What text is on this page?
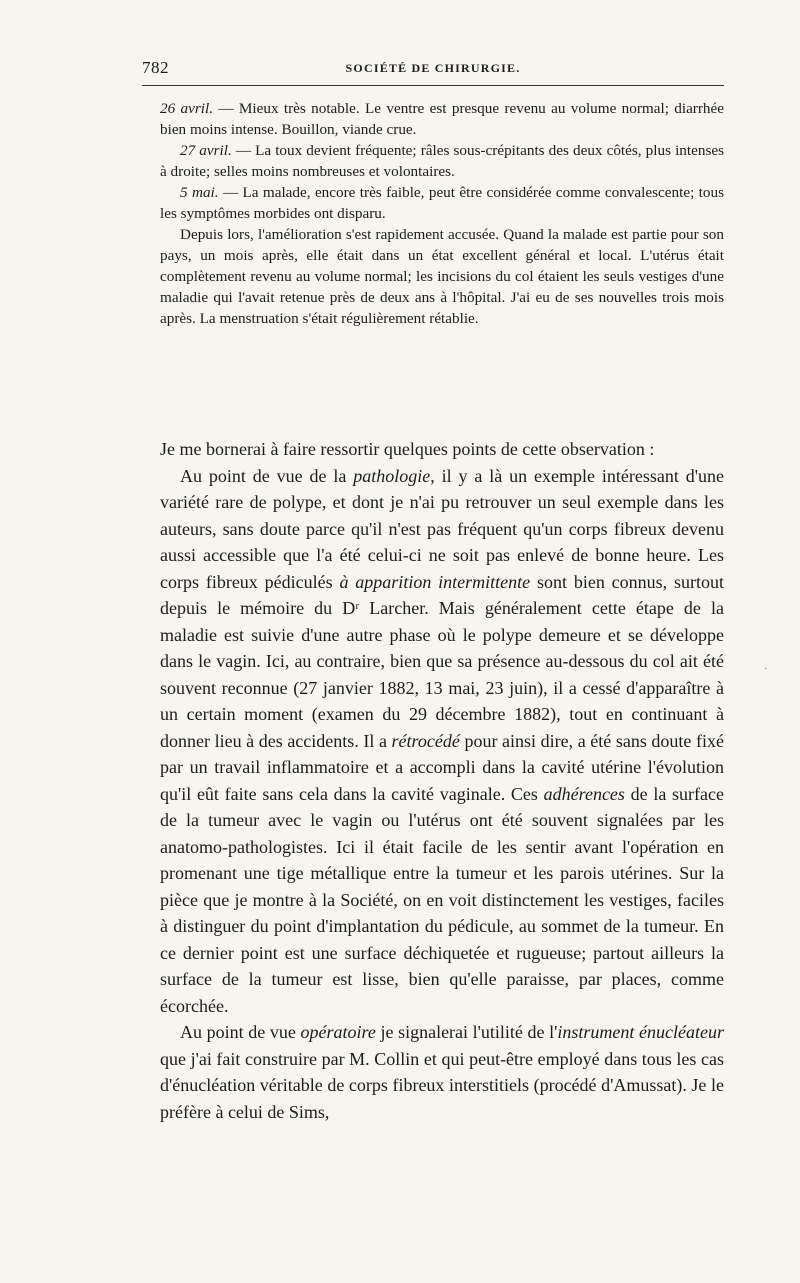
782	SOCIÉTÉ DE CHIRURGIE.

26 avril. — Mieux très notable. Le ventre est presque revenu au volume normal; diarrhée bien moins intense. Bouillon, viande crue.

27 avril. — La toux devient fréquente; râles sous-crépitants des deux côtés, plus intenses à droite; selles moins nombreuses et volontaires.

5 mai. — La malade, encore très faible, peut être considérée comme convalescente; tous les symptômes morbides ont disparu.

Depuis lors, l'amélioration s'est rapidement accusée. Quand la malade est partie pour son pays, un mois après, elle était dans un état excellent général et local. L'utérus était complètement revenu au volume normal; les incisions du col étaient les seuls vestiges d'une maladie qui l'avait retenue près de deux ans à l'hôpital. J'ai eu de ses nouvelles trois mois après. La menstruation s'était régulièrement rétablie.

Je me bornerai à faire ressortir quelques points de cette observation :

Au point de vue de la pathologie, il y a là un exemple intéressant d'une variété rare de polype, et dont je n'ai pu retrouver un seul exemple dans les auteurs, sans doute parce qu'il n'est pas fréquent qu'un corps fibreux devenu aussi accessible que l'a été celui-ci ne soit pas enlevé de bonne heure. Les corps fibreux pédiculés à apparition intermittente sont bien connus, surtout depuis le mémoire du Dʳ Larcher. Mais généralement cette étape de la maladie est suivie d'une autre phase où le polype demeure et se développe dans le vagin. Ici, au contraire, bien que sa présence au-dessous du col ait été souvent reconnue (27 janvier 1882, 13 mai, 23 juin), il a cessé d'apparaître à un certain moment (examen du 29 décembre 1882), tout en continuant à donner lieu à des accidents. Il a rétrocédé pour ainsi dire, a été sans doute fixé par un travail inflammatoire et a accompli dans la cavité utérine l'évolution qu'il eût faite sans cela dans la cavité vaginale. Ces adhérences de la surface de la tumeur avec le vagin ou l'utérus ont été souvent signalées par les anatomo-pathologistes. Ici il était facile de les sentir avant l'opération en promenant une tige métallique entre la tumeur et les parois utérines. Sur la pièce que je montre à la Société, on en voit distinctement les vestiges, faciles à distinguer du point d'implantation du pédicule, au sommet de la tumeur. En ce dernier point est une surface déchiquetée et rugueuse; partout ailleurs la surface de la tumeur est lisse, bien qu'elle paraisse, par places, comme écorchée.

Au point de vue opératoire je signalerai l'utilité de l'instrument énucléateur que j'ai fait construire par M. Collin et qui peut-être employé dans tous les cas d'énucléation véritable de corps fibreux interstitiels (procédé d'Amussat). Je le préfère à celui de Sims,

·
